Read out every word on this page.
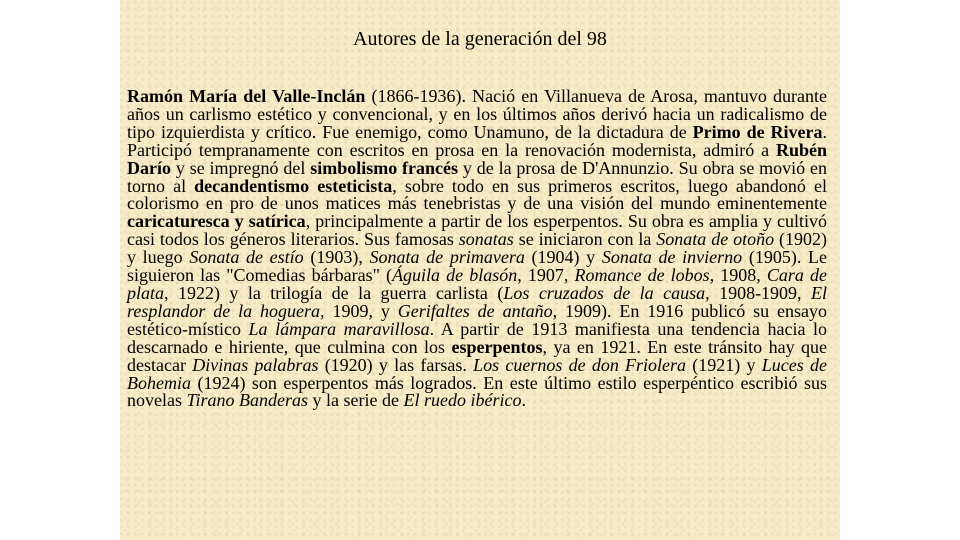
Autores de la generación del 98
Ramón María del Valle-Inclán (1866-1936). Nació en Villanueva de Arosa, mantuvo durante años un carlismo estético y convencional, y en los últimos años derivó hacia un radicalismo de tipo izquierdista y crítico. Fue enemigo, como Unamuno, de la dictadura de Primo de Rivera. Participó tempranamente con escritos en prosa en la renovación modernista, admiró a Rubén Darío y se impregnó del simbolismo francés y de la prosa de D'Annunzio. Su obra se movió en torno al decandentismo esteticista, sobre todo en sus primeros escritos, luego abandonó el colorismo en pro de unos matices más tenebristas y de una visión del mundo eminentemente caricaturesca y satírica, principalmente a partir de los esperpentos. Su obra es amplia y cultivó casi todos los géneros literarios. Sus famosas sonatas se iniciaron con la Sonata de otoño (1902) y luego Sonata de estío (1903), Sonata de primavera (1904) y Sonata de invierno (1905). Le siguieron las "Comedias bárbaras" (Águila de blasón, 1907, Romance de lobos, 1908, Cara de plata, 1922) y la trilogía de la guerra carlista (Los cruzados de la causa, 1908-1909, El resplandor de la hoguera, 1909, y Gerifaltes de antaño, 1909). En 1916 publicó su ensayo estético-místico La lámpara maravillosa. A partir de 1913 manifiesta una tendencia hacia lo descarnado e hiriente, que culmina con los esperpentos, ya en 1921. En este tránsito hay que destacar Divinas palabras (1920) y las farsas. Los cuernos de don Friolera (1921) y Luces de Bohemia (1924) son esperpentos más logrados. En este último estilo esperpéntico escribió sus novelas Tirano Banderas y la serie de El ruedo ibérico.
